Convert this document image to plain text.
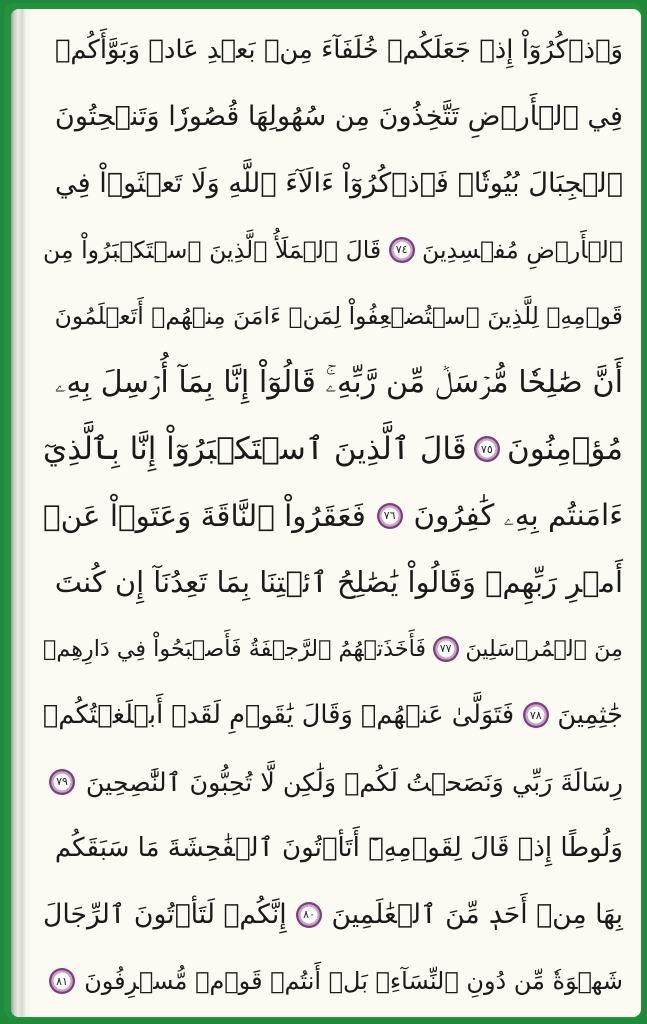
وَٱذۡكُرُوٓاْ إِذۡ جَعَلَكُمۡ خُلَفَآءَ مِنۢ بَعۡدِ عَادٖ وَبَوَّأَكُمۡ
فِي ٱلۡأَرۡضِ تَتَّخِذُونَ مِن سُهُولِهَا قُصُورٗا وَتَنۡحِتُونَ
ٱلۡجِبَالَ بُيُوتٗاۖ فَٱذۡكُرُوٓاْ ءَالَآءَ ٱللَّهِ وَلَا تَعۡثَوۡاْ فِي
ٱلۡأَرۡضِ مُفۡسِدِينَ
٧٤
قَالَ ٱلۡمَلَأُ ٱلَّذِينَ ٱسۡتَكۡبَرُواْ مِن
قَوۡمِهِۦ لِلَّذِينَ ٱسۡتُضۡعِفُواْ لِمَنۡ ءَامَنَ مِنۡهُمۡ أَتَعۡلَمُونَ
أَنَّ صَٰلِحٗا مُّرۡسَلٞ مِّن رَّبِّهِۦۚ قَالُوٓاْ إِنَّا بِمَآ أُرۡسِلَ بِهِۦ
مُؤۡمِنُونَ
٧٥
قَالَ ٱلَّذِينَ ٱسۡتَكۡبَرُوٓاْ إِنَّا بِٱلَّذِيٓ
ءَامَنتُم بِهِۦ كَٰفِرُونَ
٧٦
فَعَقَرُواْ ٱلنَّاقَةَ وَعَتَوۡاْ عَنۡ
أَمۡرِ رَبِّهِمۡ وَقَالُواْ يَٰصَٰلِحُ ٱئۡتِنَا بِمَا تَعِدُنَآ إِن كُنتَ
مِنَ ٱلۡمُرۡسَلِينَ
٧٧
فَأَخَذَتۡهُمُ ٱلرَّجۡفَةُ فَأَصۡبَحُواْ فِي دَارِهِمۡ
جَٰثِمِينَ
٧٨
فَتَوَلَّىٰ عَنۡهُمۡ وَقَالَ يَٰقَوۡمِ لَقَدۡ أَبۡلَغۡتُكُمۡ
رِسَالَةَ رَبِّي وَنَصَحۡتُ لَكُمۡ وَلَٰكِن لَّا تُحِبُّونَ ٱلنَّٰصِحِينَ
٧٩
وَلُوطًا إِذۡ قَالَ لِقَوۡمِهِۦٓ أَتَأۡتُونَ ٱلۡفَٰحِشَةَ مَا سَبَقَكُم
بِهَا مِنۡ أَحَدٖ مِّنَ ٱلۡعَٰلَمِينَ
٨٠
إِنَّكُمۡ لَتَأۡتُونَ ٱلرِّجَالَ
شَهۡوَةٗ مِّن دُونِ ٱلنِّسَآءِۚ بَلۡ أَنتُمۡ قَوۡمٞ مُّسۡرِفُونَ
٨١
